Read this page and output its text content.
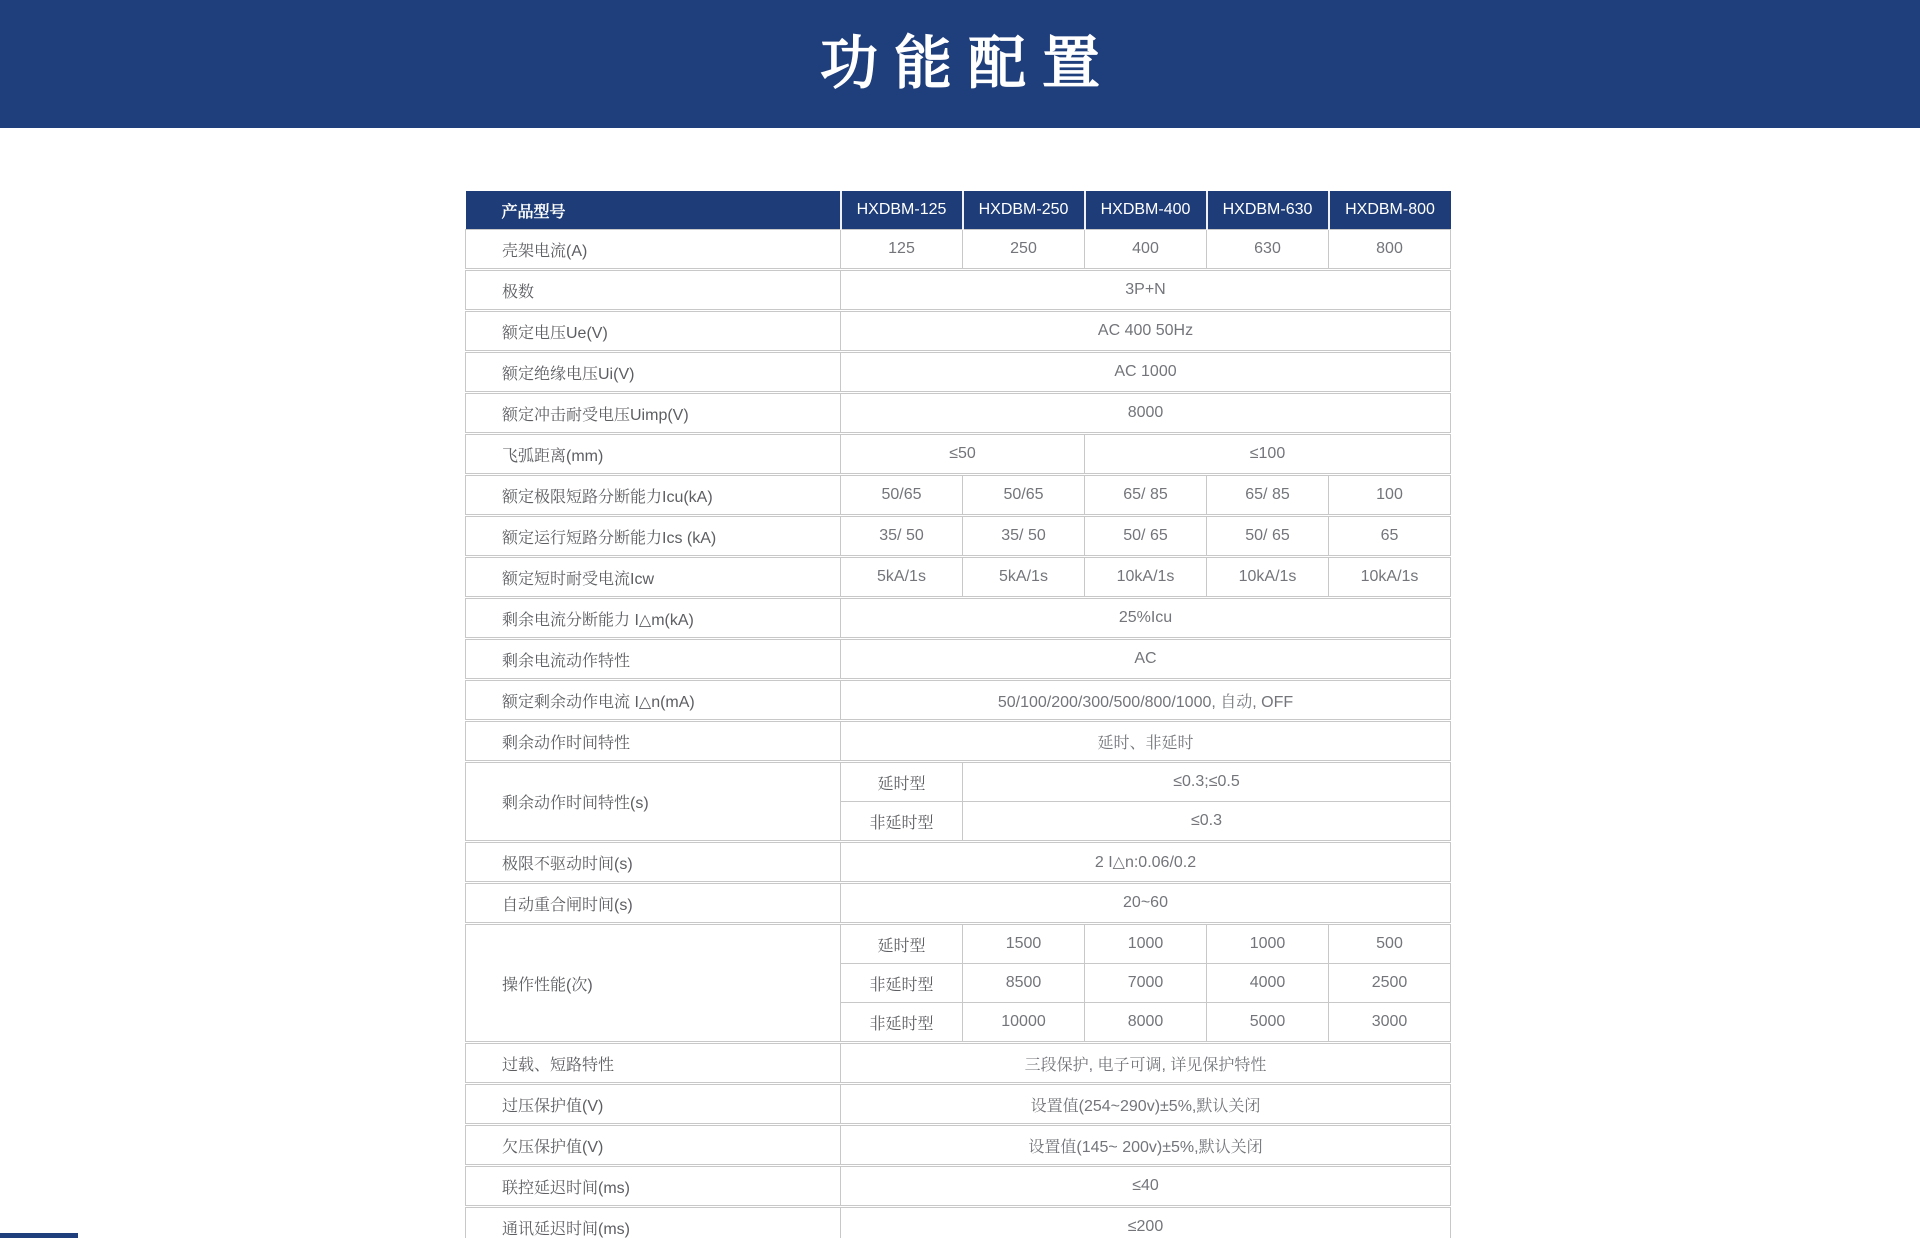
功能配置
产品型号	HXDBM-125	HXDBM-250	HXDBM-400	HXDBM-630	HXDBM-800
壳架电流(A)	125	250	400	630	800
极数	3P+N				
额定电压Ue(V)	AC 400 50Hz				
额定绝缘电压Ui(V)	AC 1000				
额定冲击耐受电压Uimp(V)	8000				
飞弧距离(mm)	≤50		≤100		
额定极限短路分断能力Icu(kA)	50/65	50/65	65/ 85	65/ 85	100
额定运行短路分断能力Ics (kA)	35/ 50	35/ 50	50/ 65	50/ 65	65
额定短时耐受电流Icw	5kA/1s	5kA/1s	10kA/1s	10kA/1s	10kA/1s
剩余电流分断能力 I△m(kA)	25%Icu				
剩余电流动作特性	AC				
额定剩余动作电流 I△n(mA)	50/100/200/300/500/800/1000, 自动, OFF				
剩余动作时间特性	延时、非延时				
剩余动作时间特性(s)	延时型	≤0.3;≤0.5			
	非延时型	≤0.3			
极限不驱动时间(s)	2 I△n:0.06/0.2				
自动重合闸时间(s)	20~60				
操作性能(次)	延时型	1500	1000	1000	500
	非延时型	8500	7000	4000	2500
	非延时型	10000	8000	5000	3000
过载、短路特性	三段保护, 电子可调, 详见保护特性				
过压保护值(V)	设置值(254~290v)±5%,默认关闭				
欠压保护值(V)	设置值(145~ 200v)±5%,默认关闭				
联控延迟时间(ms)	≤40				
通讯延迟时间(ms)	≤200				
